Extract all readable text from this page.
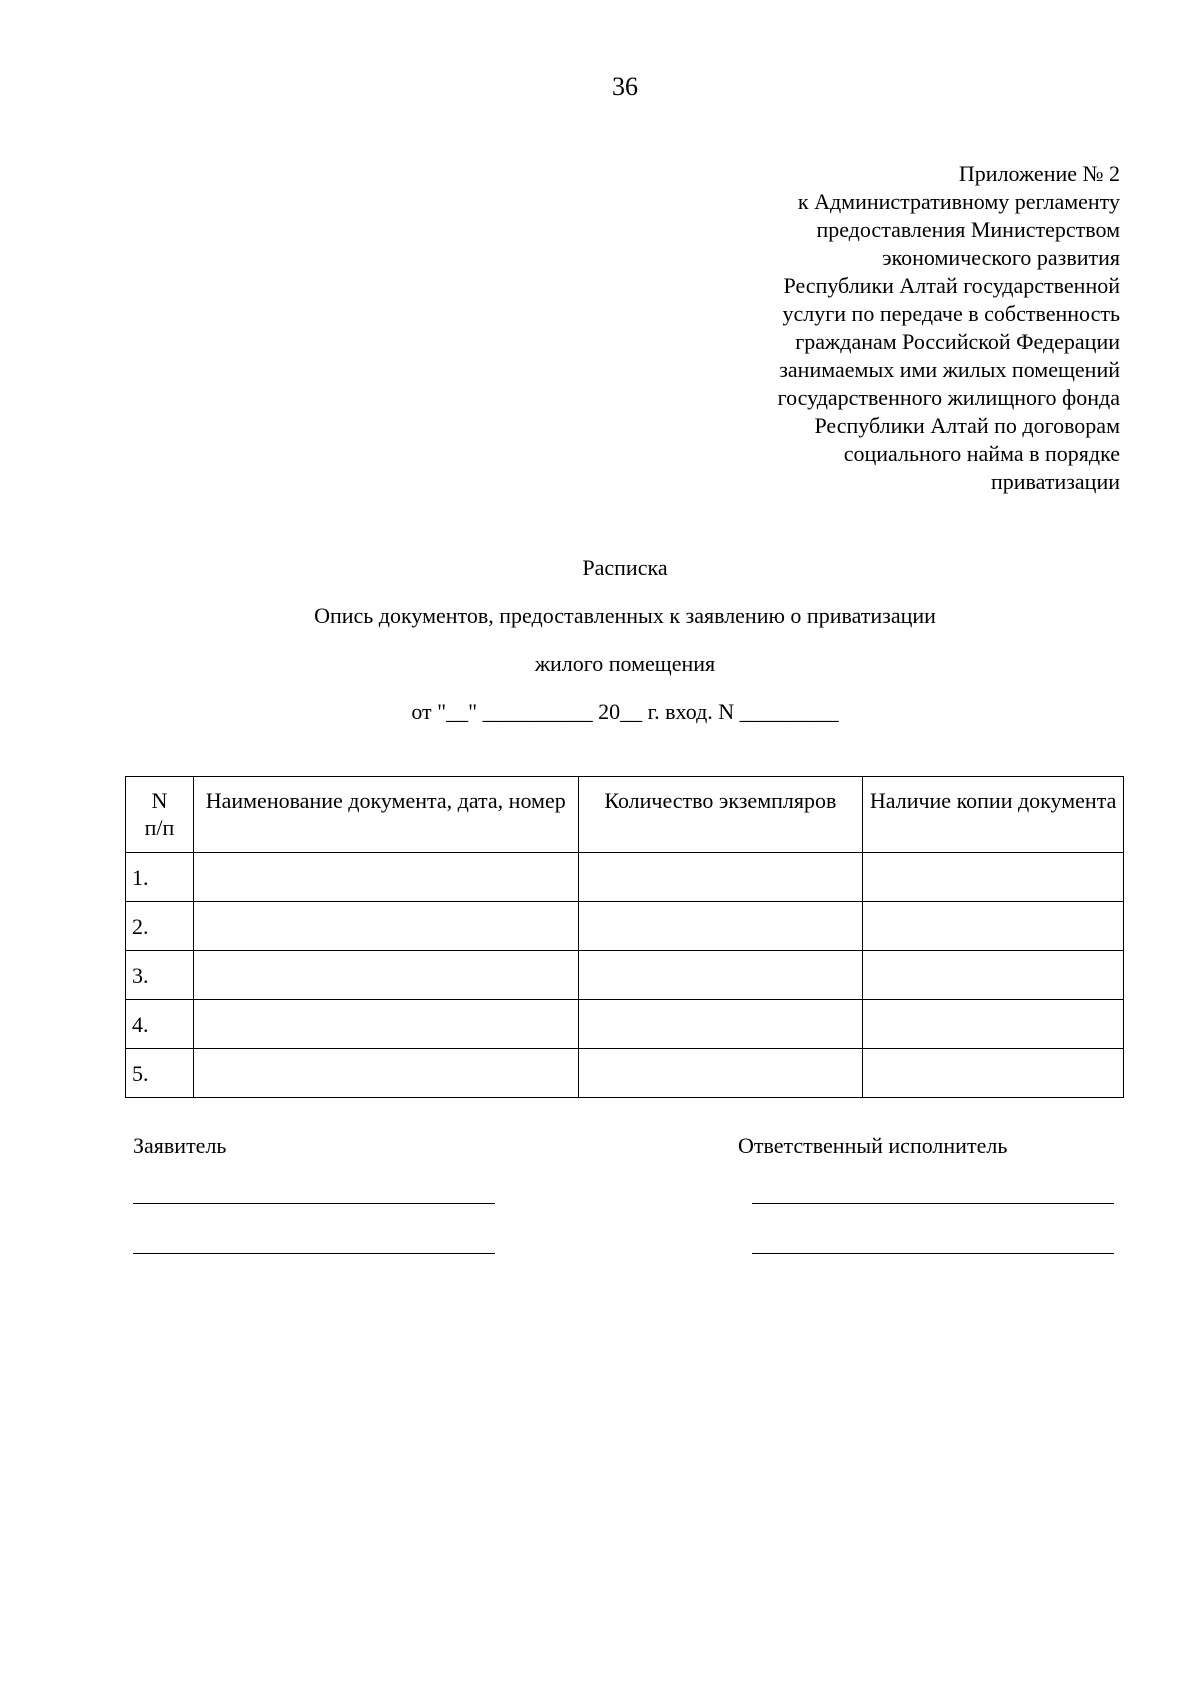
36
Приложение № 2
к Административному регламенту
предоставления Министерством
экономического развития
Республики Алтай государственной
услуги по передаче в собственность
гражданам Российской Федерации
занимаемых ими жилых помещений
государственного жилищного фонда
Республики Алтай по договорам
социального найма в порядке
приватизации
Расписка
Опись документов, предоставленных к заявлению о приватизации
жилого помещения
от "__" __________ 20__ г. вход. N _________
N
п/п	Наименование документа, дата, номер	Количество экземпляров	Наличие копии документа
1.			
2.			
3.			
4.			
5.			
Заявитель	Ответственный исполнитель
